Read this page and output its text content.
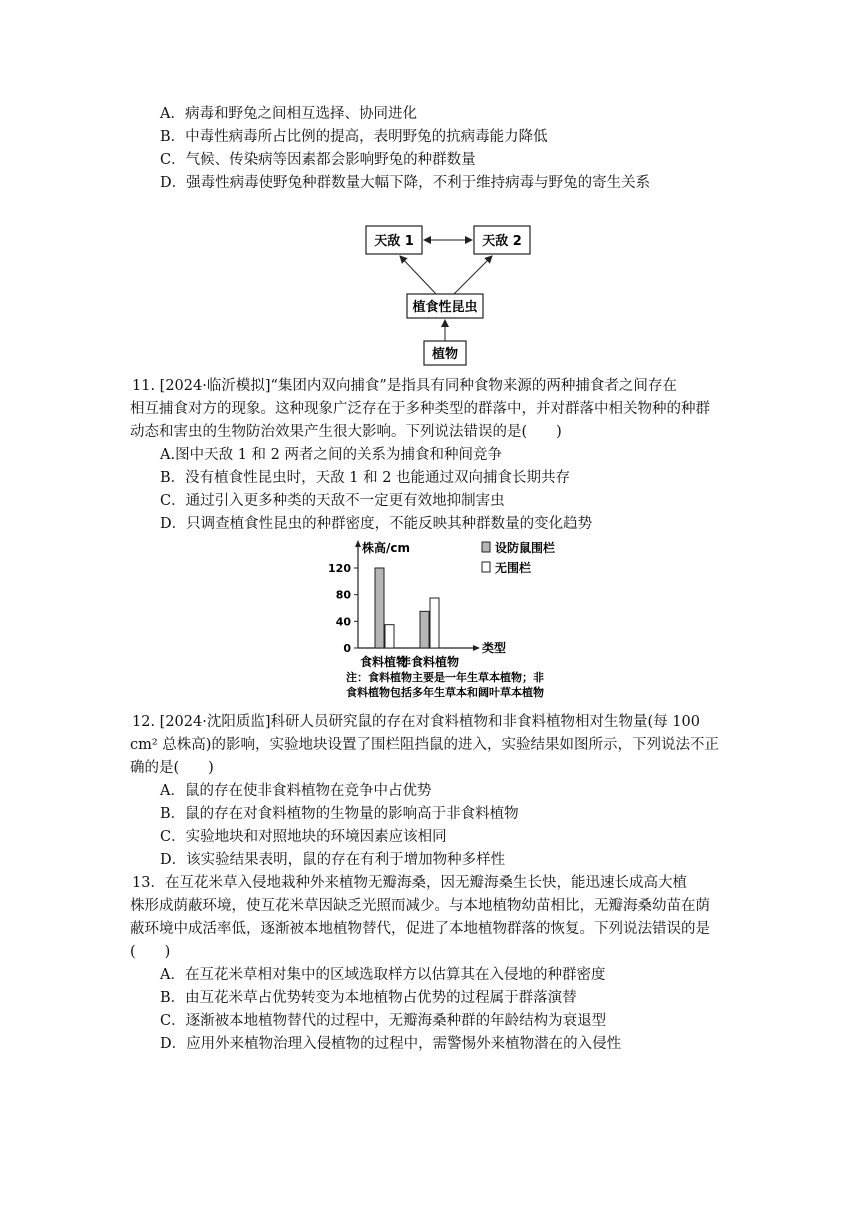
A．病毒和野兔之间相互选择、协同进化
B．中毒性病毒所占比例的提高，表明野兔的抗病毒能力降低
C．气候、传染病等因素都会影响野兔的种群数量
D．强毒性病毒使野兔种群数量大幅下降，不利于维持病毒与野兔的寄生关系
天敌 1	天敌 2
植食性昆虫
植物
11. [2024·临沂模拟]“集团内双向捕食”是指具有同种食物来源的两种捕食者之间存在
相互捕食对方的现象。这种现象广泛存在于多种类型的群落中，并对群落中相关物种的种群
动态和害虫的生物防治效果产生很大影响。下列说法错误的是(　　)
A.图中天敌 1 和 2 两者之间的关系为捕食和种间竞争
B．没有植食性昆虫时，天敌 1 和 2 也能通过双向捕食长期共存
C．通过引入更多种类的天敌不一定更有效地抑制害虫
D．只调查植食性昆虫的种群密度，不能反映其种群数量的变化趋势
株高/cm
类型
0
40
80
120
食料植物
非食料植物
设防鼠围栏
无围栏
注：食料植物主要是一年生草本植物；非
食料植物包括多年生草本和阔叶草本植物
12. [2024·沈阳质监]科研人员研究鼠的存在对食料植物和非食料植物相对生物量(每 100
cm² 总株高)的影响，实验地块设置了围栏阻挡鼠的进入，实验结果如图所示，下列说法不正
确的是(　　)
A．鼠的存在使非食料植物在竞争中占优势
B．鼠的存在对食料植物的生物量的影响高于非食料植物
C．实验地块和对照地块的环境因素应该相同
D．该实验结果表明，鼠的存在有利于增加物种多样性
13．在互花米草入侵地栽种外来植物无瓣海桑，因无瓣海桑生长快，能迅速长成高大植
株形成荫蔽环境，使互花米草因缺乏光照而减少。与本地植物幼苗相比，无瓣海桑幼苗在荫
蔽环境中成活率低，逐渐被本地植物替代，促进了本地植物群落的恢复。下列说法错误的是
(　　)
A．在互花米草相对集中的区域选取样方以估算其在入侵地的种群密度
B．由互花米草占优势转变为本地植物占优势的过程属于群落演替
C．逐渐被本地植物替代的过程中，无瓣海桑种群的年龄结构为衰退型
D．应用外来植物治理入侵植物的过程中，需警惕外来植物潜在的入侵性
